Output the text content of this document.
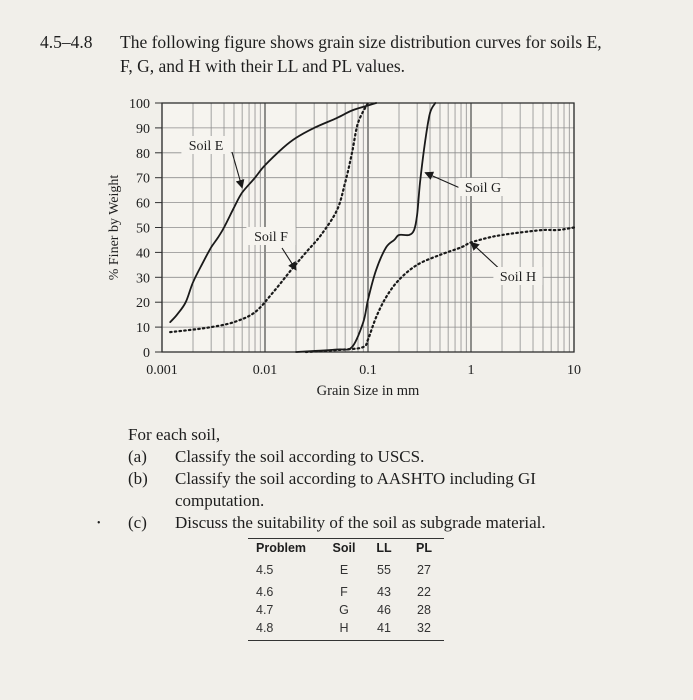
4.5–4.8 The following figure shows grain size distribution curves for soils E,
F, G, and H with their LL and PL values.
0
10
20
30
40
50
60
70
80
90
100
0.001	0.01	0.1	1	10
Grain Size in mm
% Finer by Weight
Soil E
Soil F
Soil G
Soil H
For each soil,
(a) Classify the soil according to USCS.
(b) Classify the soil according to AASHTO including GI
computation.
(c) Discuss the suitability of the soil as subgrade material.
•
Problem	Soil	LL	PL
4.5	E	55	27
4.6	F	43	22
4.7	G	46	28
4.8	H	41	32
